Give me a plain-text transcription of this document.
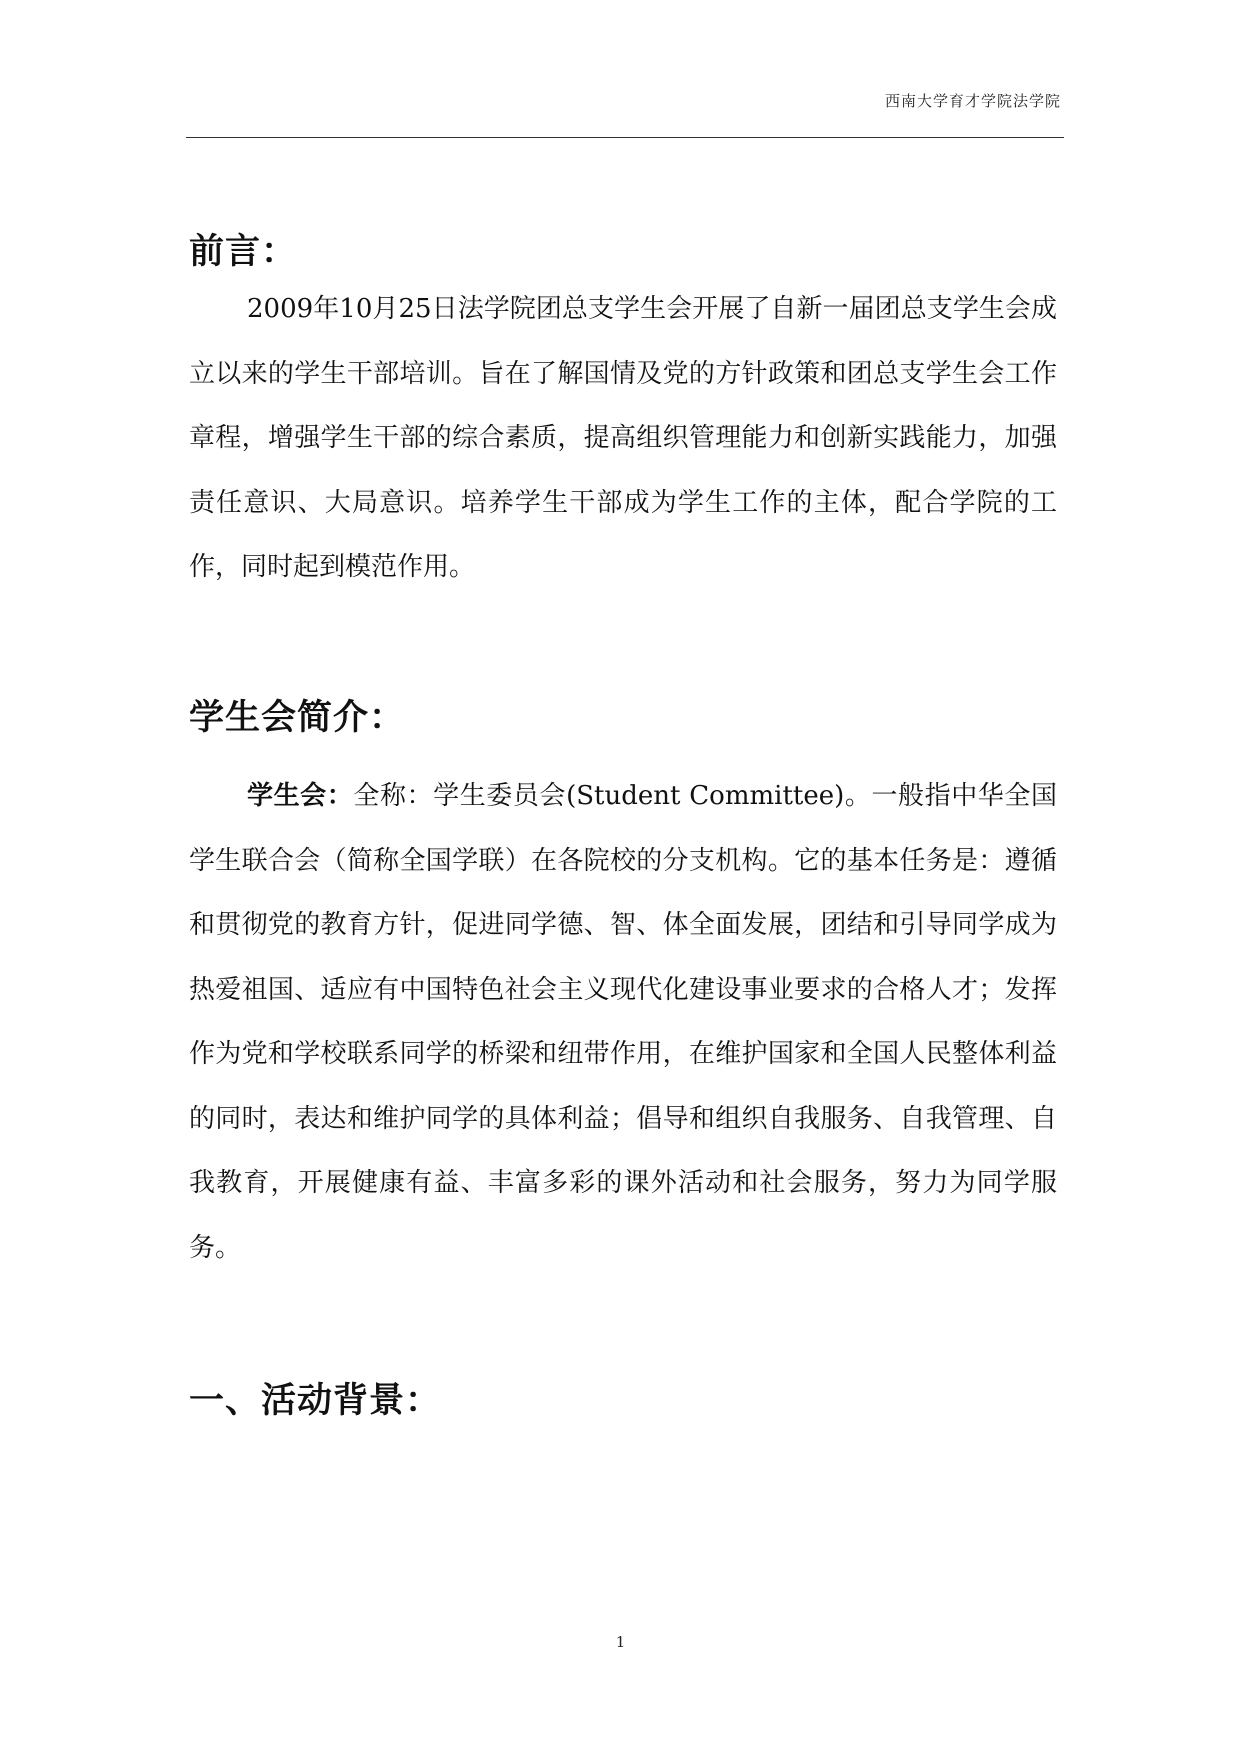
西南大学育才学院法学院
前言：

2009年10月25日法学院团总支学生会开展了自新一届团总支学生会成立以来的学生干部培训。旨在了解国情及党的方针政策和团总支学生会工作章程，增强学生干部的综合素质，提高组织管理能力和创新实践能力，加强责任意识、大局意识。培养学生干部成为学生工作的主体，配合学院的工作，同时起到模范作用。

学生会简介：

学生会：全称：学生委员会(Student Committee)。一般指中华全国学生联合会（简称全国学联）在各院校的分支机构。它的基本任务是：遵循和贯彻党的教育方针，促进同学德、智、体全面发展，团结和引导同学成为热爱祖国、适应有中国特色社会主义现代化建设事业要求的合格人才；发挥作为党和学校联系同学的桥梁和纽带作用，在维护国家和全国人民整体利益的同时，表达和维护同学的具体利益；倡导和组织自我服务、自我管理、自我教育，开展健康有益、丰富多彩的课外活动和社会服务，努力为同学服务。

一、活动背景：
1
